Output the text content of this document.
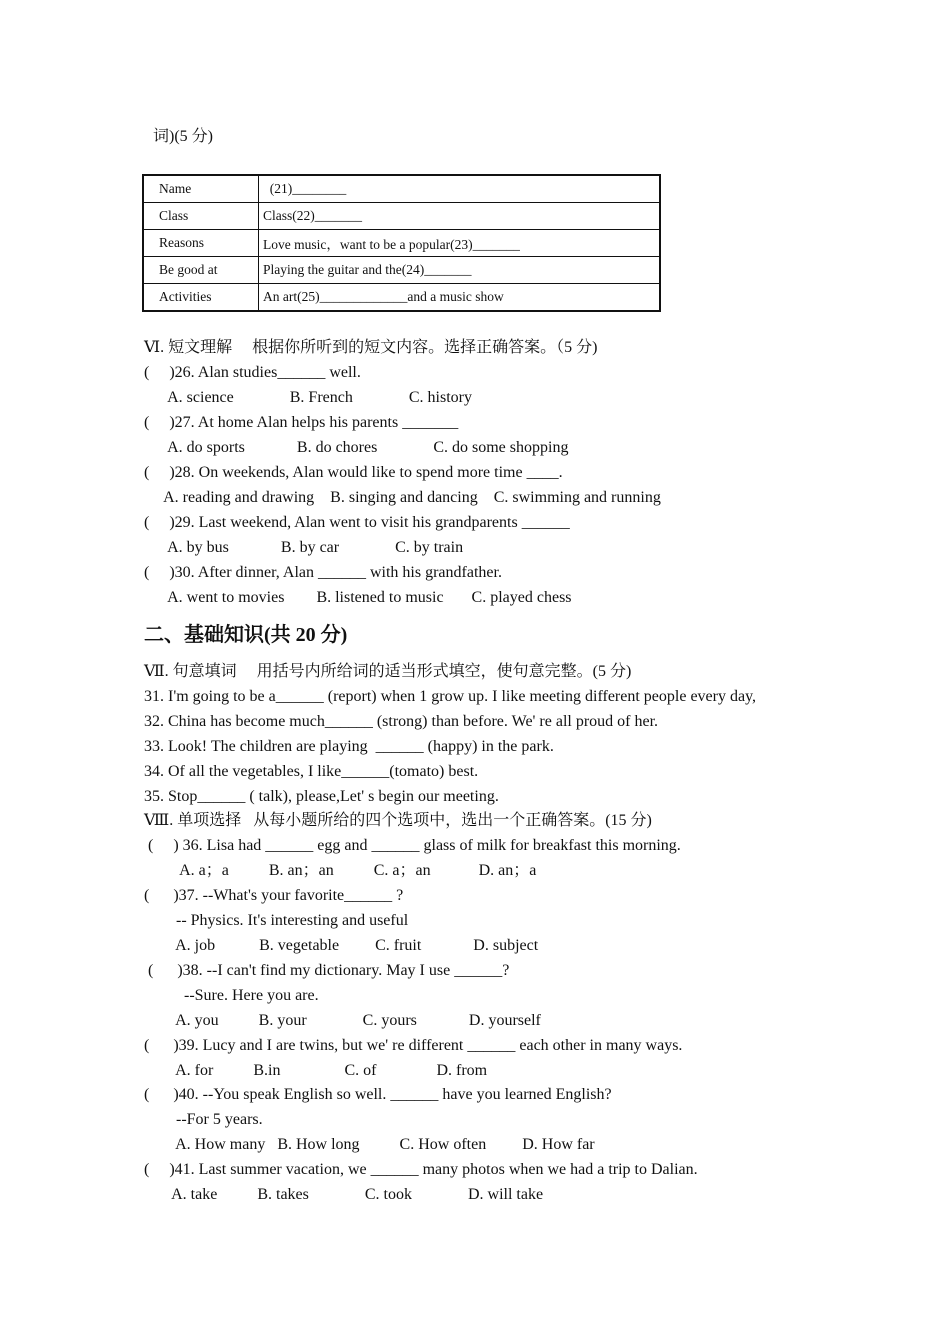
词)(5 分)
Name	(21)________
Class	Class(22)_______
Reasons	Love music，want to be a popular(23)_______
Be good at	Playing the guitar and the(24)_______
Activities	An art(25)_____________and a music show
Ⅵ. 短文理解     根据你所听到的短文内容。选择正确答案。（5 分)
(     )26. Alan studies______ well.
A. science              B. French              C. history
(     )27. At home Alan helps his parents _______
A. do sports             B. do chores              C. do some shopping
(     )28. On weekends, Alan would like to spend more time ____.
A. reading and drawing    B. singing and dancing    C. swimming and running
(     )29. Last weekend, Alan went to visit his grandparents ______
A. by bus             B. by car              C. by train
(     )30. After dinner, Alan ______ with his grandfather.
A. went to movies        B. listened to music       C. played chess
二、基础知识(共 20 分)
Ⅶ. 句意填词     用括号内所给词的适当形式填空，使句意完整。(5 分)
31. I'm going to be a______ (report) when 1 grow up. I like meeting different people every day,
32. China has become much______ (strong) than before. We' re all proud of her.
33. Look! The children are playing  ______ (happy) in the park.
34. Of all the vegetables, I like______(tomato) best.
35. Stop______ ( talk), please,Let' s begin our meeting.
Ⅷ. 单项选择   从每小题所给的四个选项中，选出一个正确答案。(15 分)
(     ) 36. Lisa had ______ egg and ______ glass of milk for breakfast this morning.
A. a；a          B. an；an          C. a；an            D. an；a
(      )37. --What's your favorite______ ?
-- Physics. It's interesting and useful
A. job           B. vegetable         C. fruit             D. subject
(      )38. --I can't find my dictionary. May I use ______?
--Sure. Here you are.
A. you          B. your              C. yours             D. yourself
(      )39. Lucy and I are twins, but we' re different ______ each other in many ways.
A. for          B.in                C. of               D. from
(      )40. --You speak English so well. ______ have you learned English?
--For 5 years.
A. How many   B. How long          C. How often         D. How far
(     )41. Last summer vacation, we ______ many photos when we had a trip to Dalian.
A. take          B. takes              C. took              D. will take
